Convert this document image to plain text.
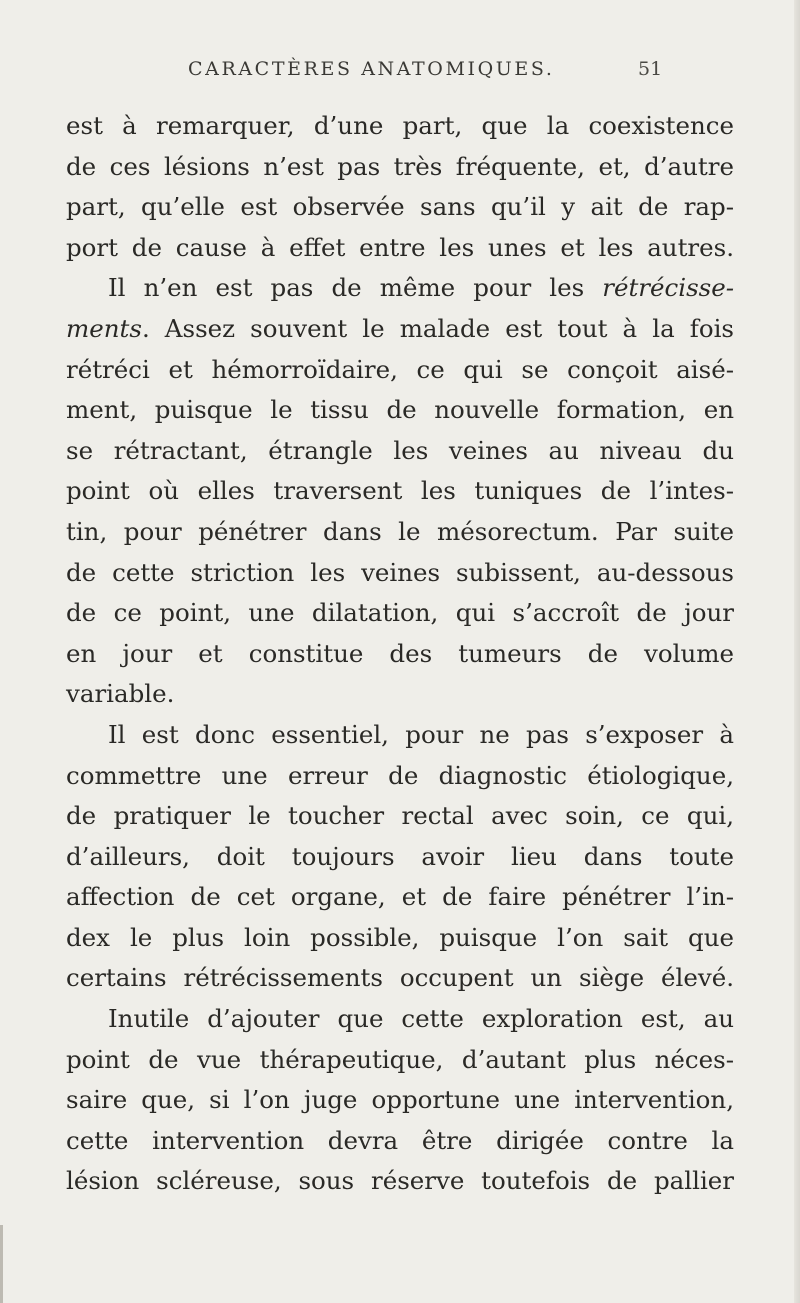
CARACTÈRES ANATOMIQUES.	51
est à remarquer, d’une part, que la coexistence
de ces lésions n’est pas très fréquente, et, d’autre
part, qu’elle est observée sans qu’il y ait de rap-
port de cause à effet entre les unes et les autres.
Il n’en est pas de même pour les rétrécisse-
ments. Assez souvent le malade est tout à la fois
rétréci et hémorroïdaire, ce qui se conçoit aisé-
ment, puisque le tissu de nouvelle formation, en
se rétractant, étrangle les veines au niveau du
point où elles traversent les tuniques de l’intes-
tin, pour pénétrer dans le mésorectum. Par suite
de cette striction les veines subissent, au-dessous
de ce point, une dilatation, qui s’accroît de jour
en jour et constitue des tumeurs de volume
variable.
Il est donc essentiel, pour ne pas s’exposer à
commettre une erreur de diagnostic étiologique,
de pratiquer le toucher rectal avec soin, ce qui,
d’ailleurs, doit toujours avoir lieu dans toute
affection de cet organe, et de faire pénétrer l’in-
dex le plus loin possible, puisque l’on sait que
certains rétrécissements occupent un siège élevé.
Inutile d’ajouter que cette exploration est, au
point de vue thérapeutique, d’autant plus néces-
saire que, si l’on juge opportune une intervention,
cette intervention devra être dirigée contre la
lésion scléreuse, sous réserve toutefois de pallier
